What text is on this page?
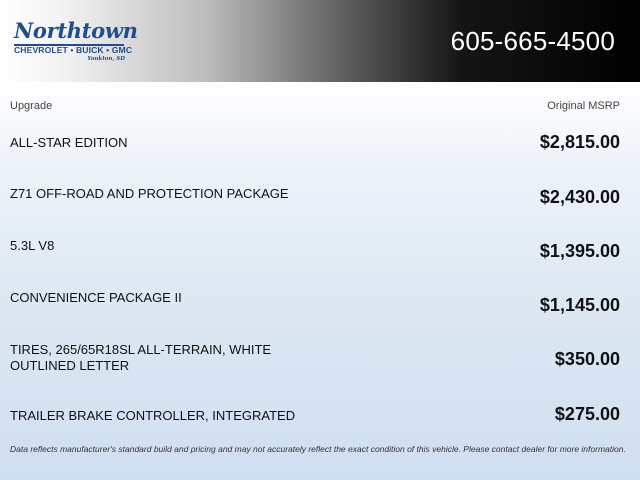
Northtown
CHEVROLET • BUICK • GMC
Yankton, SD
605-665-4500
Upgrade	Original MSRP
ALL-STAR EDITION	$2,815.00
Z71 OFF-ROAD AND PROTECTION PACKAGE	$2,430.00
5.3L V8	$1,395.00
CONVENIENCE PACKAGE II	$1,145.00
TIRES, 265/65R18SL ALL-TERRAIN, WHITE OUTLINED LETTER	$350.00
TRAILER BRAKE CONTROLLER, INTEGRATED	$275.00
Data reflects manufacturer's standard build and pricing and may not accurately reflect the exact condition of this vehicle. Please contact dealer for more information.
